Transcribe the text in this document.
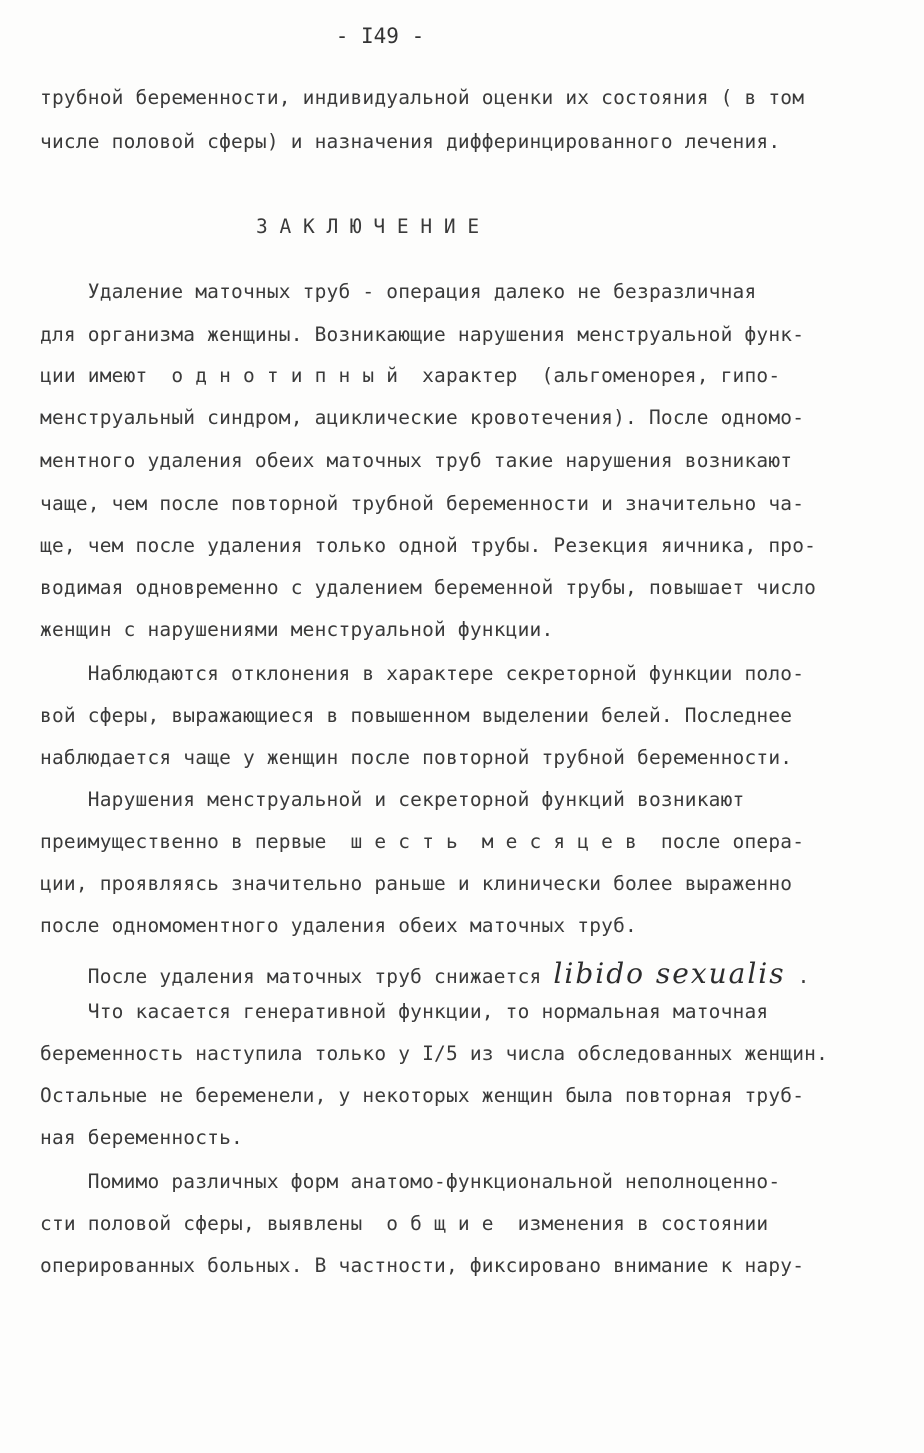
- I49 -
трубной беременности, индивидуальной оценки их состояния ( в том
числе половой сферы) и назначения дифферинцированного лечения.
З А К Л Ю Ч Е Н И Е
Удаление маточных труб - операция далеко не безразличная
для организма женщины. Возникающие нарушения менструальной функ-
ции имеют  о д н о т и п н ы й  характер  (альгоменорея, гипо-
менструальный синдром, ациклические кровотечения). После одномо-
ментного удаления обеих маточных труб такие нарушения возникают
чаще, чем после повторной трубной беременности и значительно ча-
ще, чем после удаления только одной трубы. Резекция яичника, про-
водимая одновременно с удалением беременной трубы, повышает число
женщин с нарушениями менструальной функции.
Наблюдаются отклонения в характере секреторной функции поло-
вой сферы, выражающиеся в повышенном выделении белей. Последнее
наблюдается чаще у женщин после повторной трубной беременности.
Нарушения менструальной и секреторной функций возникают
преимущественно в первые  ш е с т ь  м е с я ц е в  после опера-
ции, проявляясь значительно раньше и клинически более выраженно
после одномоментного удаления обеих маточных труб.
После удаления маточных труб снижается libido sexualis .
Что касается генеративной функции, то нормальная маточная
беременность наступила только у I/5 из числа обследованных женщин.
Остальные не беременели, у некоторых женщин была повторная труб-
ная беременность.
Помимо различных форм анатомо-функциональной неполноценно-
сти половой сферы, выявлены  о б щ и е  изменения в состоянии
оперированных больных. В частности, фиксировано внимание к нару-
